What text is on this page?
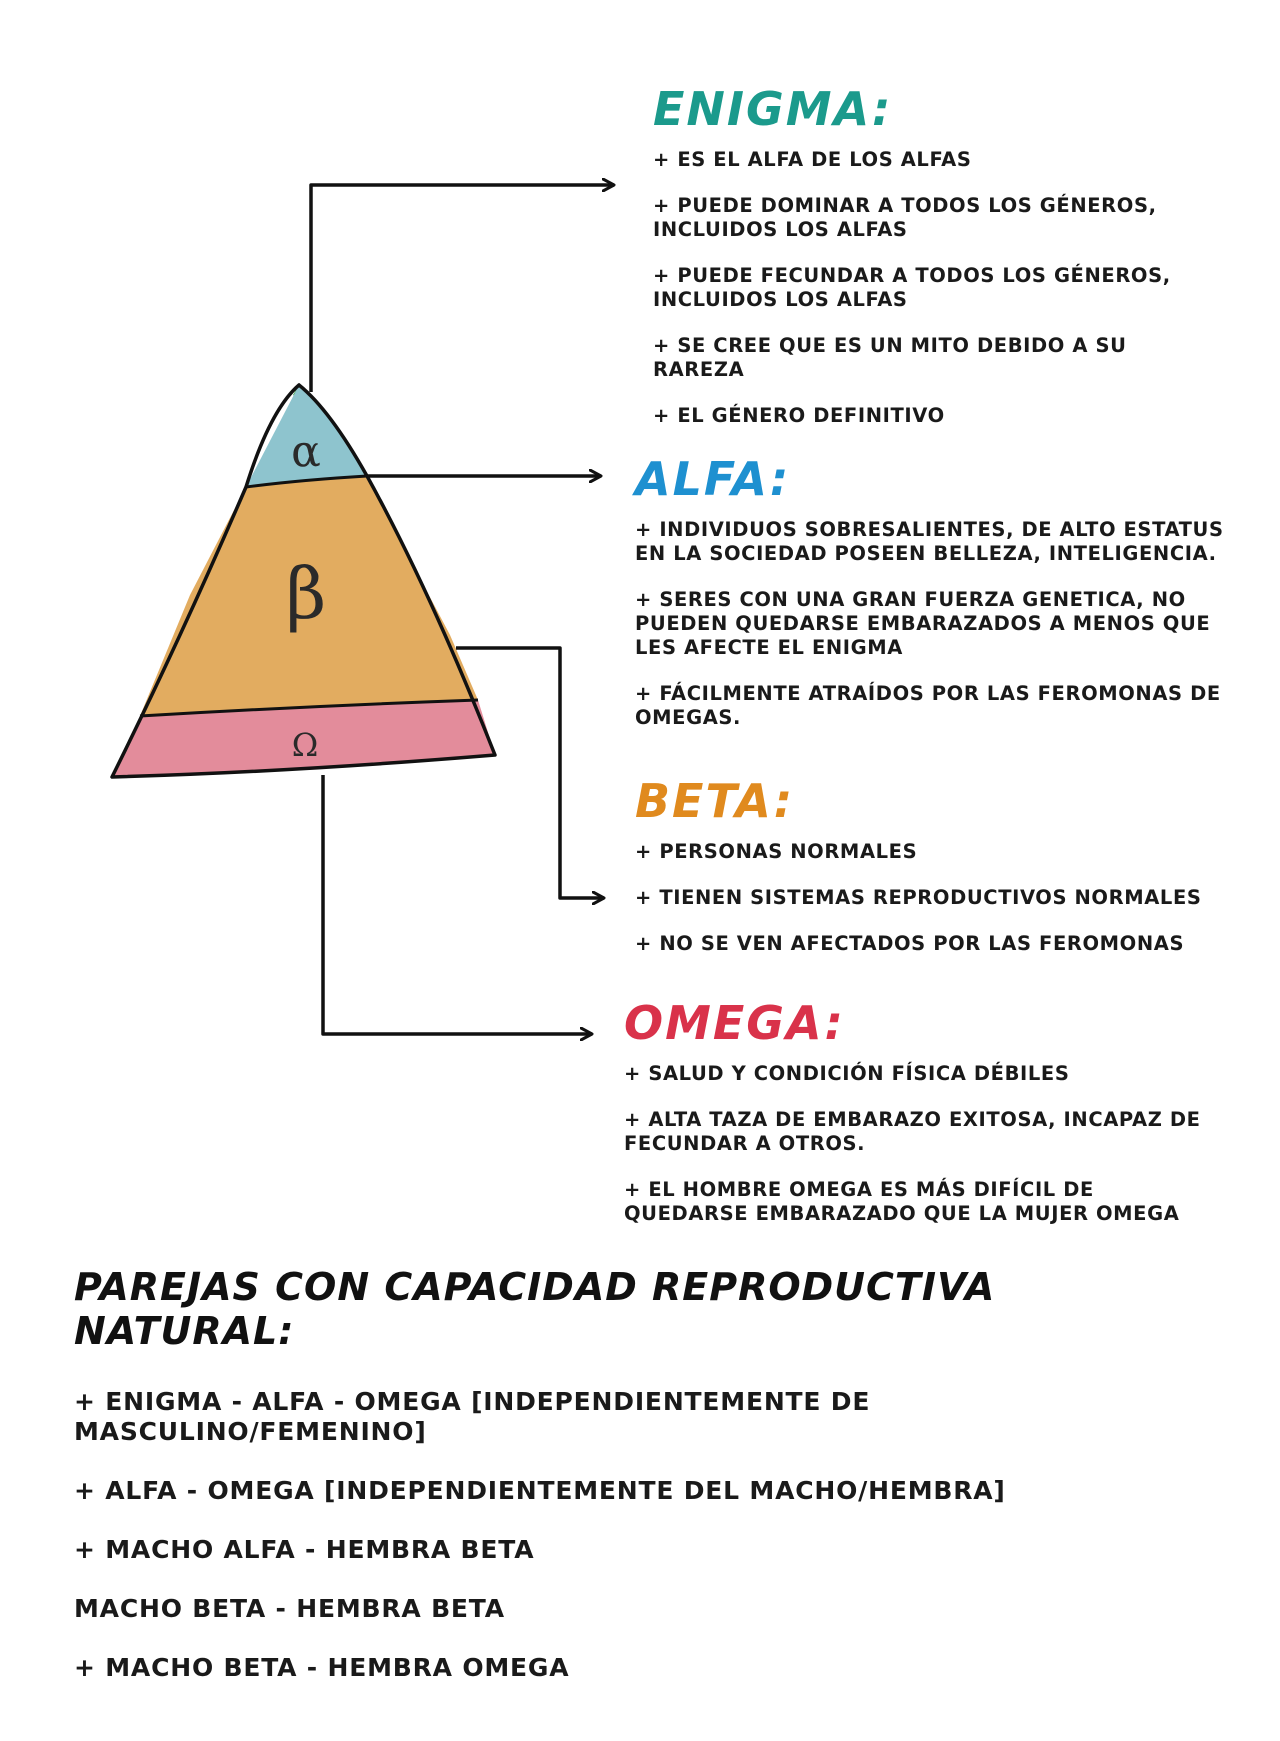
α
β
Ω
ENIGMA:
+ ES EL ALFA DE LOS ALFAS
+ PUEDE DOMINAR A TODOS LOS GÉNEROS, INCLUIDOS LOS ALFAS
+ PUEDE FECUNDAR A TODOS LOS GÉNEROS, INCLUIDOS LOS ALFAS
+ SE CREE QUE ES UN MITO DEBIDO A SU RAREZA
+ EL GÉNERO DEFINITIVO
ALFA:
+ INDIVIDUOS SOBRESALIENTES, DE ALTO ESTATUS EN LA SOCIEDAD POSEEN BELLEZA, INTELIGENCIA.
+ SERES CON UNA GRAN FUERZA GENETICA, NO PUEDEN QUEDARSE EMBARAZADOS A MENOS QUE LES AFECTE EL ENIGMA
+ FÁCILMENTE ATRAÍDOS POR LAS FEROMONAS DE OMEGAS.
BETA:
+ PERSONAS NORMALES
+ TIENEN SISTEMAS REPRODUCTIVOS NORMALES
+ NO SE VEN AFECTADOS POR LAS FEROMONAS
OMEGA:
+ SALUD Y CONDICIÓN FÍSICA DÉBILES
+ ALTA TAZA DE EMBARAZO EXITOSA, INCAPAZ DE FECUNDAR A OTROS.
+ EL HOMBRE OMEGA ES MÁS DIFÍCIL DE QUEDARSE EMBARAZADO QUE LA MUJER OMEGA
PAREJAS CON CAPACIDAD REPRODUCTIVA NATURAL:
+ ENIGMA - ALFA - OMEGA [INDEPENDIENTEMENTE DE MASCULINO/FEMENINO]
+ ALFA - OMEGA [INDEPENDIENTEMENTE DEL MACHO/HEMBRA]
+ MACHO ALFA - HEMBRA BETA
MACHO BETA - HEMBRA BETA
+ MACHO BETA - HEMBRA OMEGA
